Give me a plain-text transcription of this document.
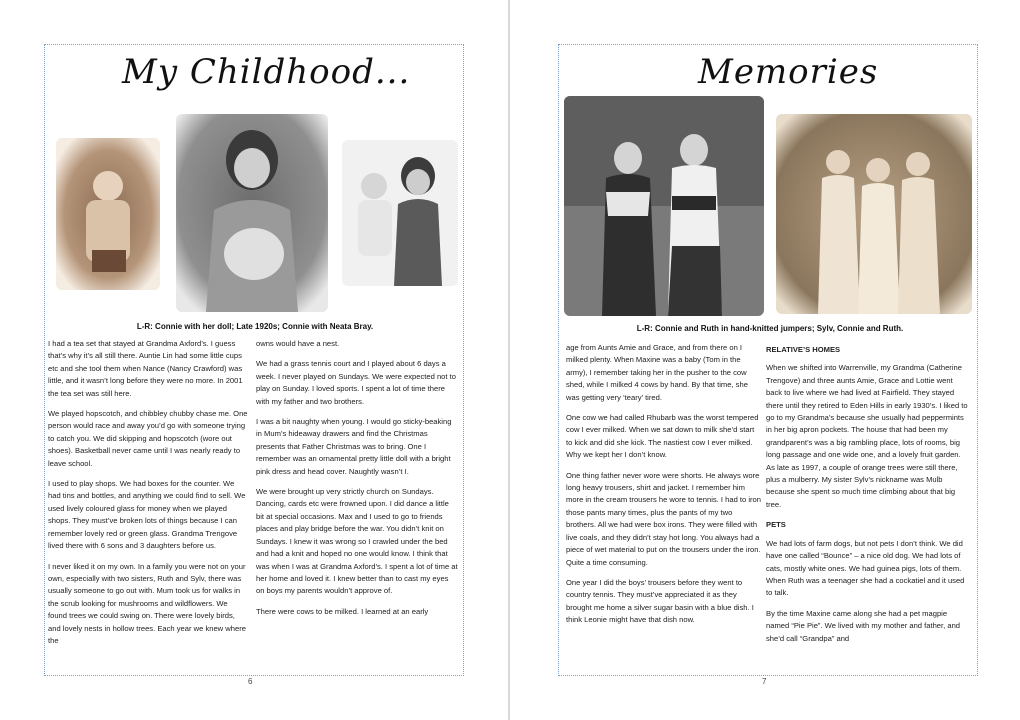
My Childhood...
L-R: Connie with her doll; Late 1920s; Connie with Neata Bray.

I had a tea set that stayed at Grandma Axford’s. I guess that’s why it’s all still there. Auntie Lin had some little cups etc and she tool them when Nance (Nancy Crawford) was little, and it wasn’t long before they were no more. In 2001 the tea set was still here.

We played hopscotch, and chibbley chubby chase me. One person would race and away you’d go with someone trying to catch you. We did skipping and hopscotch (wore out shoes). Basketball never came until I was nearly ready to leave school.

I used to play shops. We had boxes for the counter. We had tins and bottles, and anything we could find to sell. We used lively coloured glass for money when we played shops. They must’ve broken lots of things because I can remember lovely red or green glass. Grandma Trengove lived there with 6 sons and 3 daughters before us.

I never liked it on my own. In a family you were not on your own, especially with two sisters, Ruth and Sylv, there was usually someone to go out with. Mum took us for walks in the scrub looking for mushrooms and wildflowers. We found trees we could swing on. There were lovely birds, and lovely nests in hollow trees. Each year we knew where the

owns would have a nest.

We had a grass tennis court and I played about 6 days a week. I never played on Sundays. We were expected not to play on Sunday. I loved sports. I spent a lot of time there with my father and two brothers.

I was a bit naughty when young. I would go sticky-beaking in Mum’s hideaway drawers and find the Christmas presents that Father Christmas was to bring. One I remember was an ornamental pretty little doll with a bright pink dress and head cover. Naughtly wasn’t I.

We were brought up very strictly church on Sundays. Dancing, cards etc were frowned upon. I did dance a little bit at special occasions. Max and I used to go to friends places and play bridge before the war. You didn’t knit on Sundays. I knew it was wrong so I crawled under the bed and had a knit and hoped no one would know. I think that was when I was at Grandma Axford’s. I spent a lot of time at her home and loved it. I knew better than to cast my eyes on boys my parents wouldn’t approve of.

There were cows to be milked. I learned at an early

6
Memories
L-R: Connie and Ruth in hand-knitted jumpers; Sylv, Connie and Ruth.

age from Aunts Amie and Grace, and from there on I milked plenty. When Maxine was a baby (Tom in the army), I remember taking her in the pusher to the cow shed, while I milked 4 cows by hand. By that time, she was getting very ‘teary’ tired.

One cow we had called Rhubarb was the worst tempered cow I ever milked. When we sat down to milk she’d start to kick and did she kick. The nastiest cow I ever milked. Why we kept her I don’t know.

One thing father never wore were shorts. He always wore long heavy trousers, shirt and jacket. I remember him more in the cream trousers he wore to tennis. I had to iron those pants many times, plus the pants of my two brothers. All we had were box irons. They were filled with live coals, and they didn’t stay hot long. You always had a piece of wet material to put on the trousers under the iron. Quite a time consuming.

One year I did the boys’ trousers before they went to country tennis. They must’ve appreciated it as they brought me home a silver sugar basin with a blue dish. I think Leonie might have that dish now.

RELATIVE’S HOMES

When we shifted into Warrenville, my Grandma (Catherine Trengove) and three aunts Amie, Grace and Lottie went back to live where we had lived at Fairfield. They stayed there until they retired to Eden Hills in early 1930’s. I liked to go to my Grandma’s because she usually had peppermints in her big apron pockets. The house that had been my grandparent’s was a big rambling place, lots of rooms, big long passage and one wide one, and a lovely fruit garden. As late as 1997, a couple of orange trees were still there, plus a mulberry. My sister Sylv’s nickname was Mulb because she spent so much time climbing about that big tree.

PETS

We had lots of farm dogs, but not pets I don’t think. We did have one called “Bounce” – a nice old dog. We had lots of cats, mostly white ones. We had guinea pigs, lots of them. When Ruth was a teenager she had a cockatiel and it used to talk.

By the time Maxine came along she had a pet magpie named “Pie Pie”. We lived with my mother and father, and she’d call “Grandpa” and

7
